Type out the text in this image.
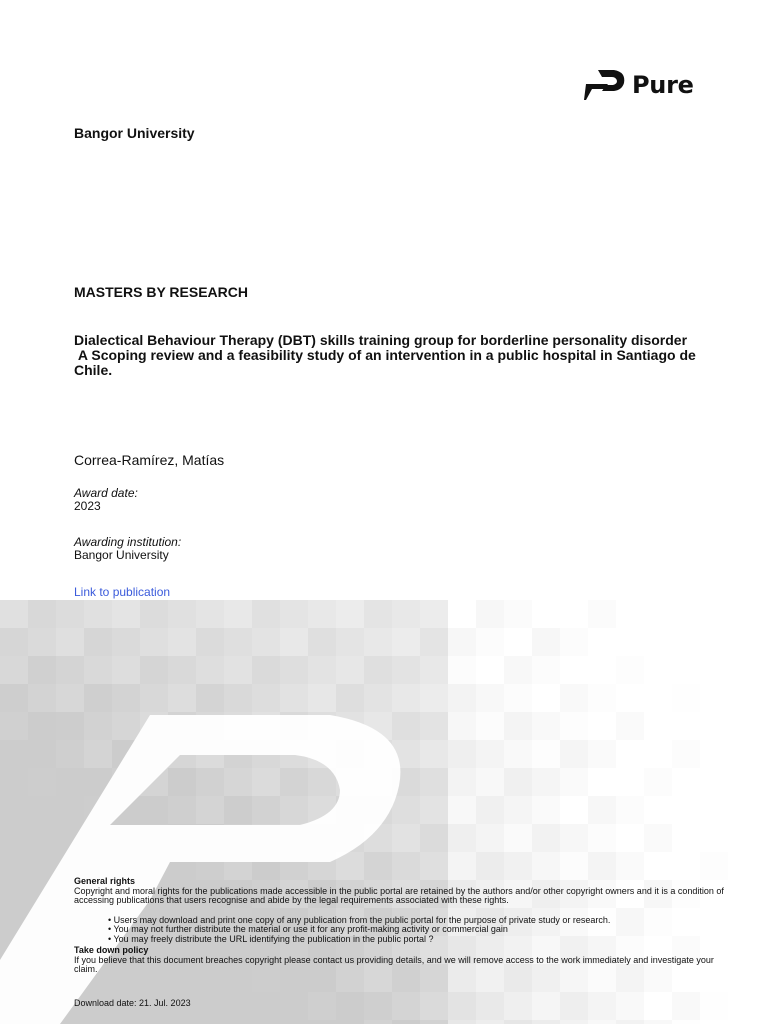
Pure
Bangor University
MASTERS BY RESEARCH
Dialectical Behaviour Therapy (DBT) skills training group for borderline personality disorder
A Scoping review and a feasibility study of an intervention in a public hospital in Santiago de Chile.
Correa-Ramírez, Matías
Award date:
2023
Awarding institution:
Bangor University
Link to publication
General rights
Copyright and moral rights for the publications made accessible in the public portal are retained by the authors and/or other copyright owners and it is a condition of accessing publications that users recognise and abide by the legal requirements associated with these rights.
• Users may download and print one copy of any publication from the public portal for the purpose of private study or research.
• You may not further distribute the material or use it for any profit-making activity or commercial gain
• You may freely distribute the URL identifying the publication in the public portal ?
Take down policy
If you believe that this document breaches copyright please contact us providing details, and we will remove access to the work immediately and investigate your claim.
Download date: 21. Jul. 2023
